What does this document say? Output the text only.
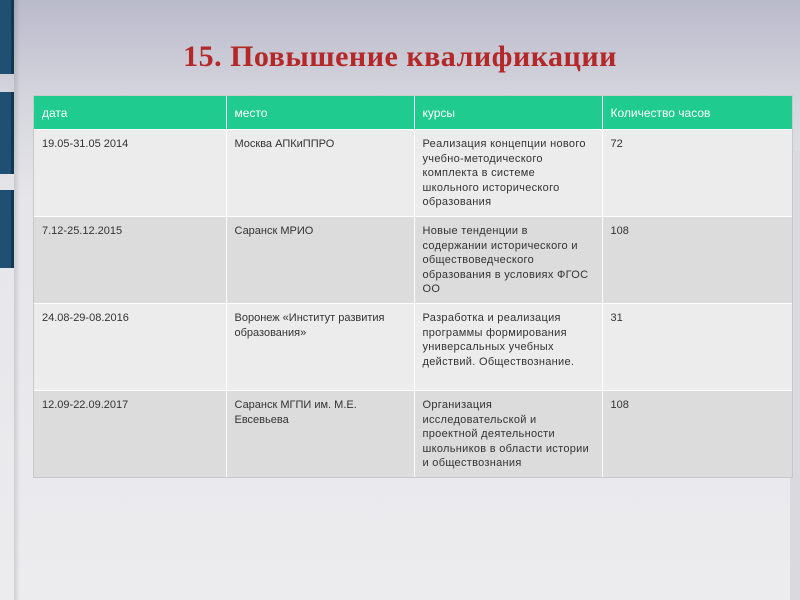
15. Повышение квалификации
дата	место	курсы	Количество часов
19.05-31.05 2014	Москва АПКиППРО	Реализация концепции нового учебно-методического комплекта в системе школьного исторического образования	72
7.12-25.12.2015	Саранск МРИО	Новые тенденции в содержании исторического и обществоведческого образования в условиях ФГОС ОО	108
24.08-29-08.2016	Воронеж «Институт развития образования»	Разработка и реализация программы формирования универсальных учебных действий. Обществознание.	31
12.09-22.09.2017	Саранск МГПИ им. М.Е. Евсевьева	Организация исследовательской и проектной деятельности школьников в области истории и обществознания	108
